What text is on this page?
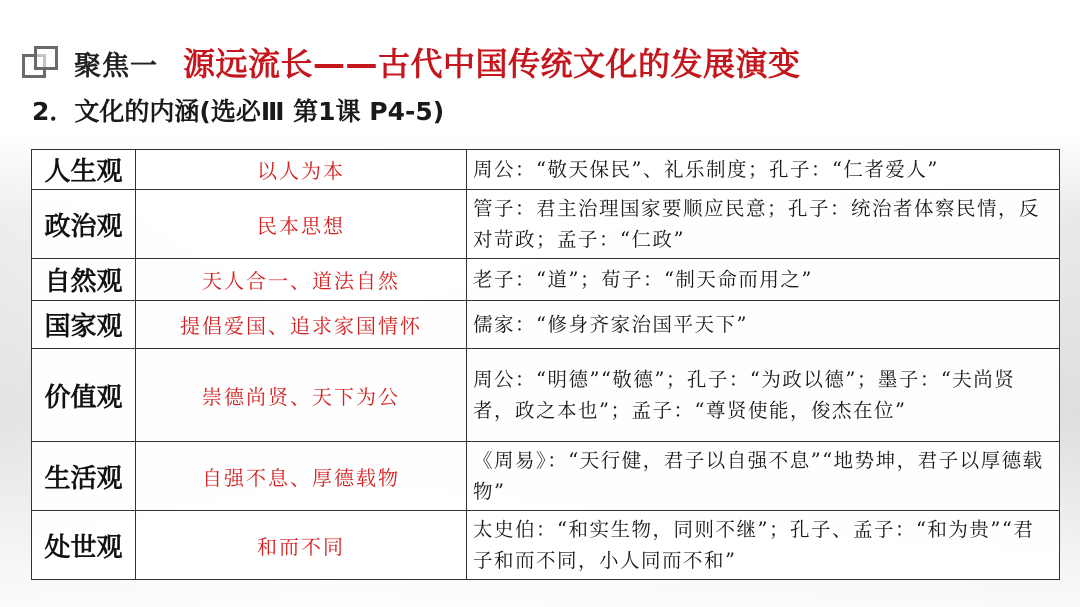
聚焦一 源远流长——古代中国传统文化的发展演变
2．文化的内涵(选必Ⅲ 第1课 P4-5)
人生观	以人为本	周公：“敬天保民”、礼乐制度；孔子：“仁者爱人”
政治观	民本思想	管子：君主治理国家要顺应民意；孔子：统治者体察民情，反对苛政；孟子：“仁政”
自然观	天人合一、道法自然	老子：“道”；荀子：“制天命而用之”
国家观	提倡爱国、追求家国情怀	儒家：“修身齐家治国平天下”
价值观	崇德尚贤、天下为公	周公：“明德”“敬德”；孔子：“为政以德”；墨子：“夫尚贤者，政之本也”；孟子：“尊贤使能，俊杰在位”
生活观	自强不息、厚德载物	《周易》：“天行健，君子以自强不息”“地势坤，君子以厚德载物”
处世观	和而不同	太史伯：“和实生物，同则不继”；孔子、孟子：“和为贵”“君子和而不同，小人同而不和”
